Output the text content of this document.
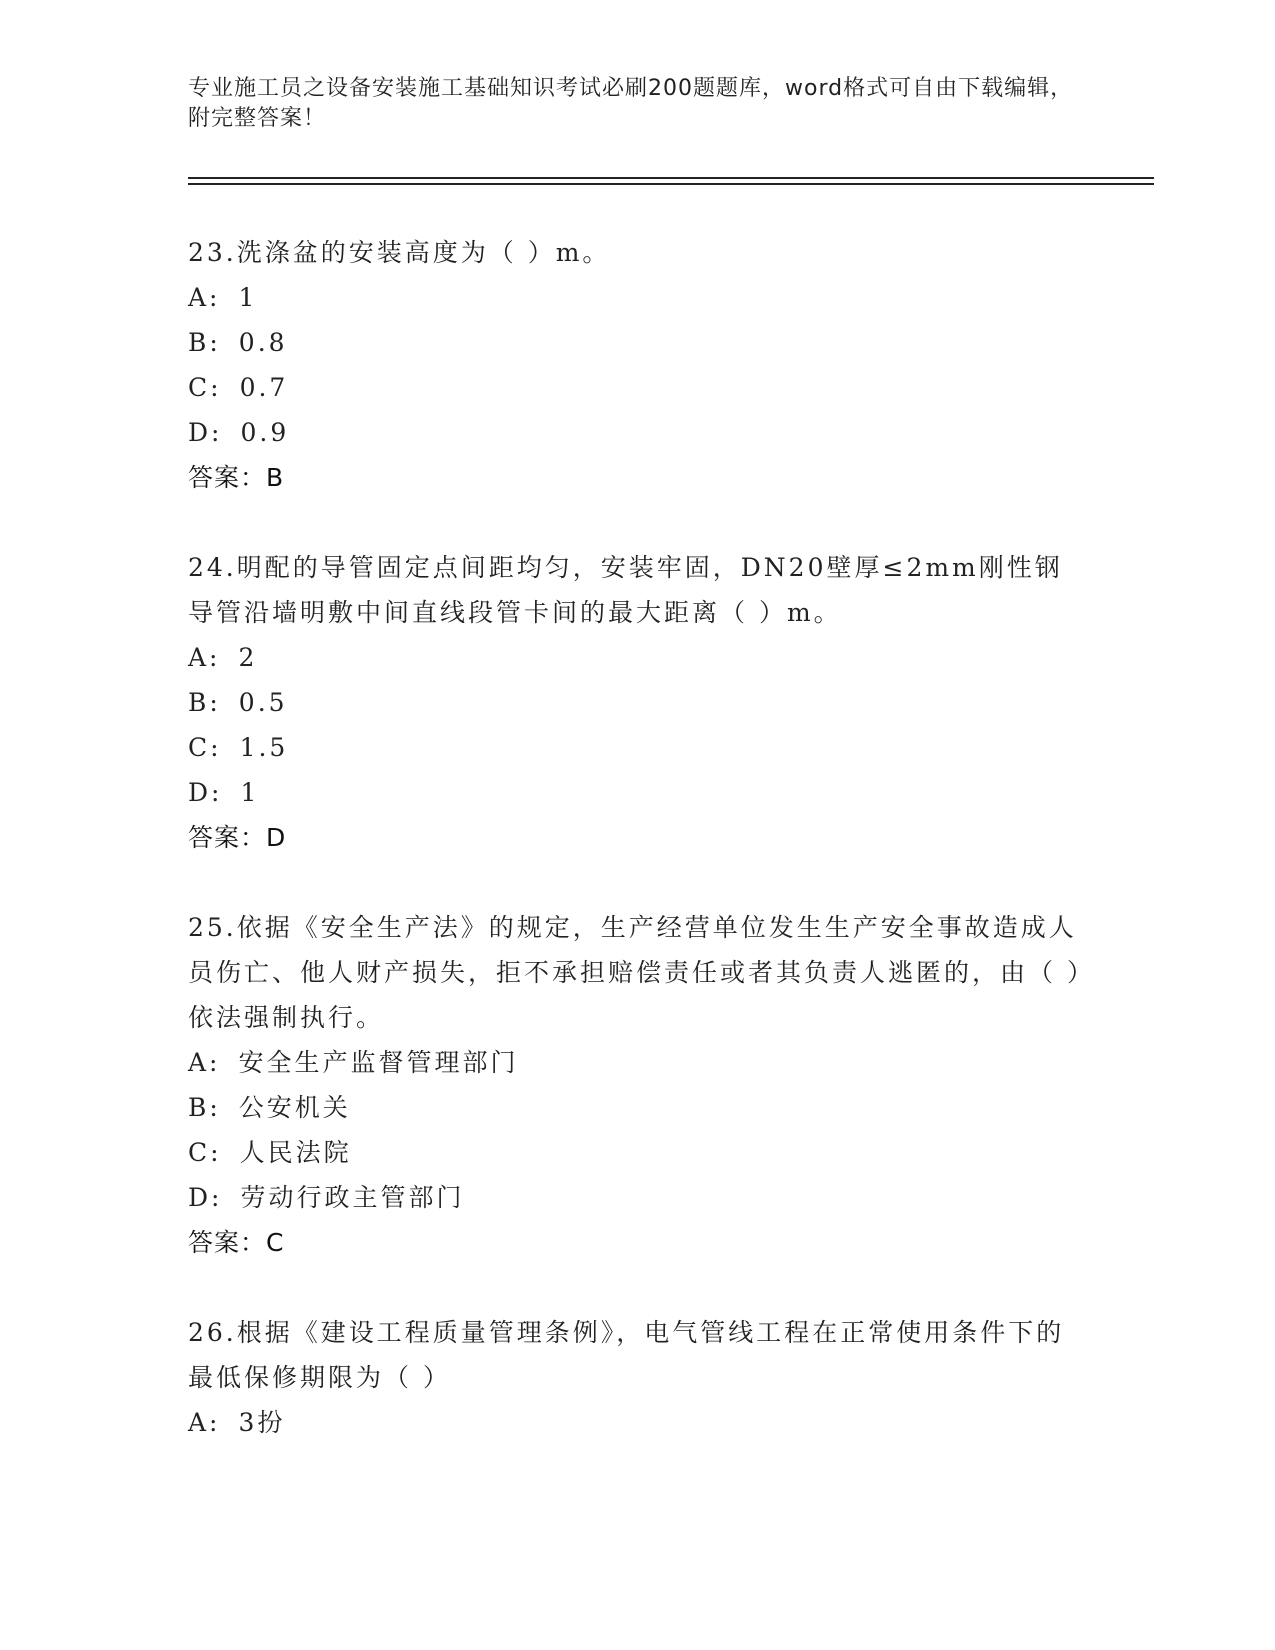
专业施工员之设备安装施工基础知识考试必刷200题题库，word格式可自由下载编辑，附完整答案！
23.洗涤盆的安装高度为（ ）m。
A: 1
B: 0.8
C: 0.7
D: 0.9
答案：B
24.明配的导管固定点间距均匀，安装牢固，DN20壁厚≤2mm刚性钢导管沿墙明敷中间直线段管卡间的最大距离（ ）m。
A: 2
B: 0.5
C: 1.5
D: 1
答案：D
25.依据《安全生产法》的规定，生产经营单位发生生产安全事故造成人员伤亡、他人财产损失，拒不承担赔偿责任或者其负责人逃匿的，由（ ）依法强制执行。
A: 安全生产监督管理部门
B: 公安机关
C: 人民法院
D: 劳动行政主管部门
答案：C
26.根据《建设工程质量管理条例》，电气管线工程在正常使用条件下的最低保修期限为（ ）
A: 3扮
